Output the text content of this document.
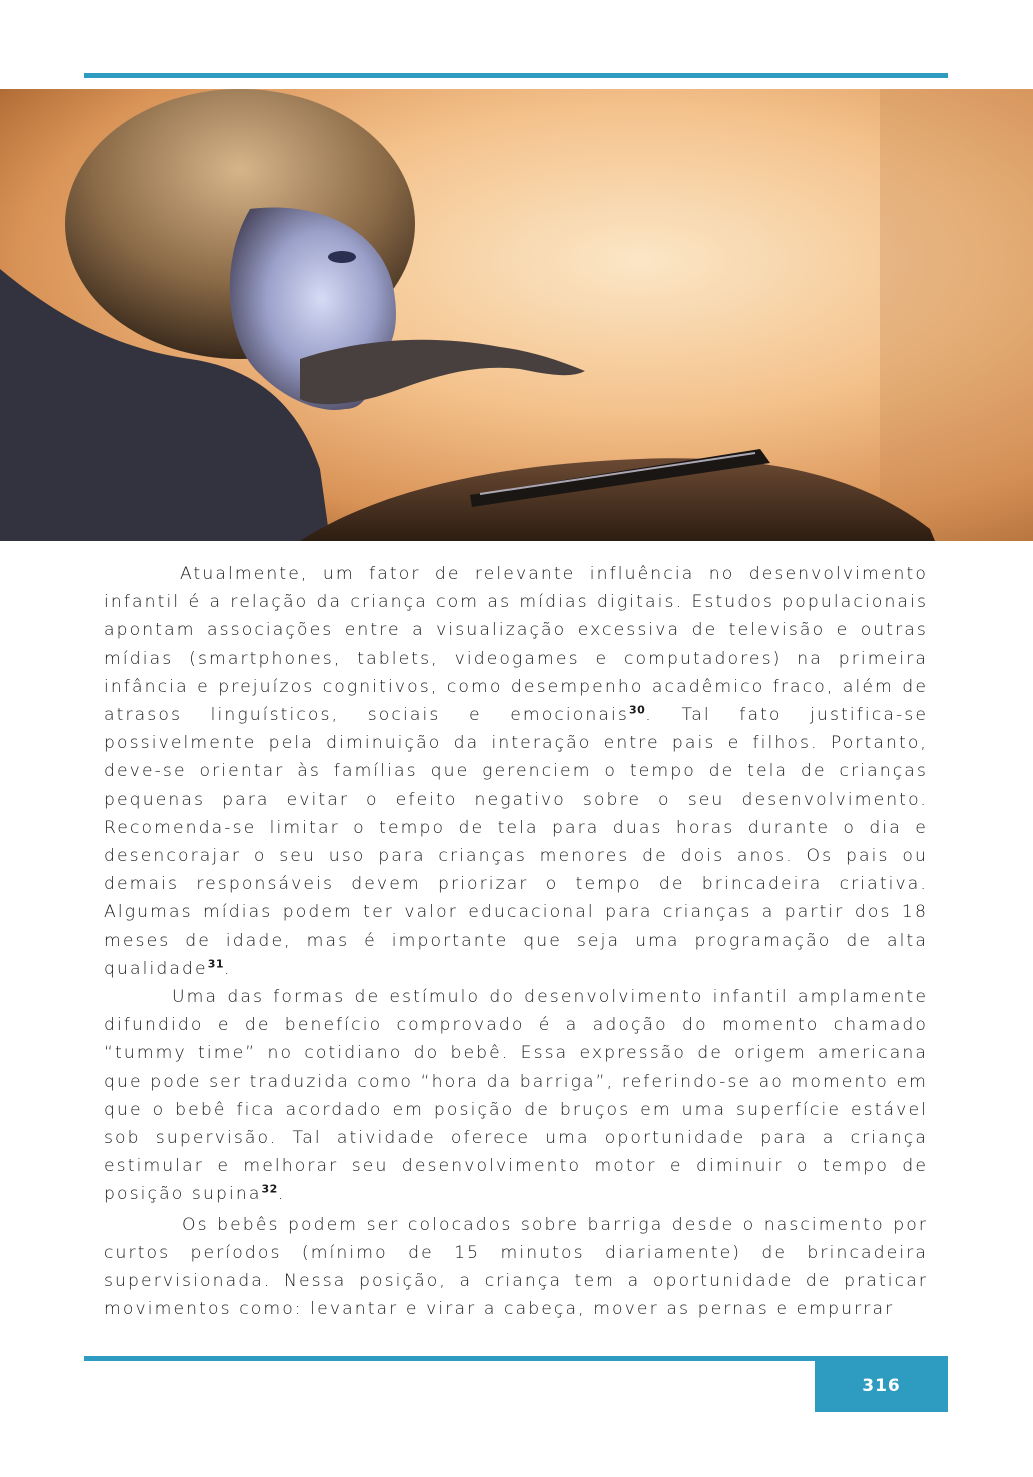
Atualmente, um fator de relevante influência no desenvolvimento infantil é a relação da criança com as mídias digitais. Estudos populacionais apontam associações entre a visualização excessiva de televisão e outras mídias (smartphones, tablets, videogames e computadores) na primeira infância e prejuízos cognitivos, como desempenho acadêmico fraco, além de atrasos linguísticos, sociais e emocionais$^{30}$. Tal fato justifica-se possivelmente pela diminuição da interação entre pais e filhos. Portanto, deve-se orientar às famílias que gerenciem o tempo de tela de crianças pequenas para evitar o efeito negativo sobre o seu desenvolvimento. Recomenda-se limitar o tempo de tela para duas horas durante o dia e desencorajar o seu uso para crianças menores de dois anos. Os pais ou demais responsáveis devem priorizar o tempo de brincadeira criativa. Algumas mídias podem ter valor educacional para crianças a partir dos 18 meses de idade, mas é importante que seja uma programação de alta qualidade$^{31}$.

Uma das formas de estímulo do desenvolvimento infantil amplamente difundido e de benefício comprovado é a adoção do momento chamado “tummy time” no cotidiano do bebê. Essa expressão de origem americana que pode ser traduzida como “hora da barriga”, referindo-se ao momento em que o bebê fica acordado em posição de bruços em uma superfície estável sob supervisão. Tal atividade oferece uma oportunidade para a criança estimular e melhorar seu desenvolvimento motor e diminuir o tempo de posição supina$^{32}$.

Os bebês podem ser colocados sobre barriga desde o nascimento por curtos períodos (mínimo de 15 minutos diariamente) de brincadeira supervisionada. Nessa posição, a criança tem a oportunidade de praticar movimentos como: levantar e virar a cabeça, mover as pernas e empurrar

316
